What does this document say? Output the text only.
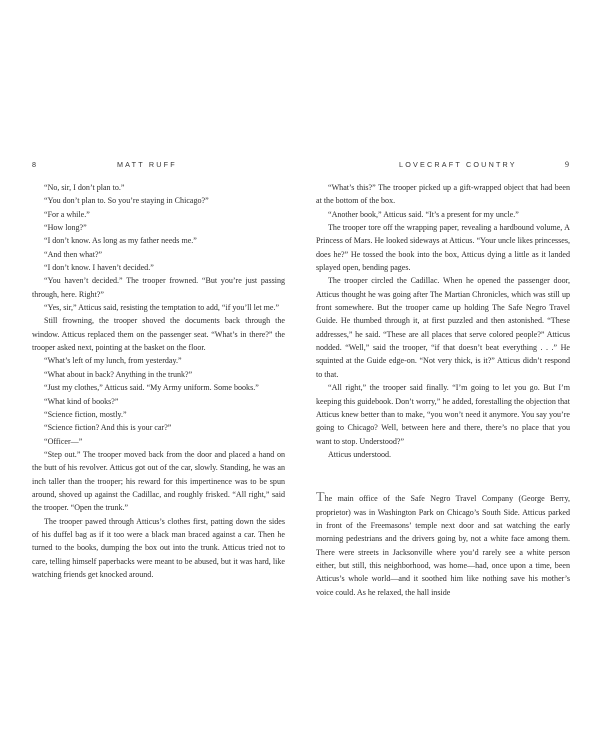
8	MATT RUFF

“No, sir, I don’t plan to.”

“You don’t plan to. So you’re staying in Chicago?”

“For a while.”

“How long?”

“I don’t know. As long as my father needs me.”

“And then what?”

“I don’t know. I haven’t decided.”

“You haven’t decided.” The trooper frowned. “But you’re just passing through, here. Right?”

“Yes, sir,” Atticus said, resisting the temptation to add, “if you’ll let me.”

Still frowning, the trooper shoved the documents back through the window. Atticus replaced them on the passenger seat. “What’s in there?” the trooper asked next, pointing at the basket on the floor.

“What’s left of my lunch, from yesterday.”

“What about in back? Anything in the trunk?”

“Just my clothes,” Atticus said. “My Army uniform. Some books.”

“What kind of books?”

“Science fiction, mostly.”

“Science fiction? And this is your car?”

“Officer—”

“Step out.” The trooper moved back from the door and placed a hand on the butt of his revolver. Atticus got out of the car, slowly. Standing, he was an inch taller than the trooper; his reward for this impertinence was to be spun around, shoved up against the Cadillac, and roughly frisked. “All right,” said the trooper. “Open the trunk.”

The trooper pawed through Atticus’s clothes first, patting down the sides of his duffel bag as if it too were a black man braced against a car. Then he turned to the books, dumping the box out into the trunk. Atticus tried not to care, telling himself paperbacks were meant to be abused, but it was hard, like watching friends get knocked around.

LOVECRAFT COUNTRY	9

“What’s this?” The trooper picked up a gift-wrapped object that had been at the bottom of the box.

“Another book,” Atticus said. “It’s a present for my uncle.”

The trooper tore off the wrapping paper, revealing a hardbound volume, A Princess of Mars. He looked sideways at Atticus. “Your uncle likes princesses, does he?” He tossed the book into the box, Atticus dying a little as it landed splayed open, bending pages.

The trooper circled the Cadillac. When he opened the passenger door, Atticus thought he was going after The Martian Chronicles, which was still up front somewhere. But the trooper came up holding The Safe Negro Travel Guide. He thumbed through it, at first puzzled and then astonished. “These addresses,” he said. “These are all places that serve colored people?” Atticus nodded. “Well,” said the trooper, “if that doesn’t beat everything . . .” He squinted at the Guide edge-on. “Not very thick, is it?” Atticus didn’t respond to that.

“All right,” the trooper said finally. “I’m going to let you go. But I’m keeping this guidebook. Don’t worry,” he added, forestalling the objection that Atticus knew better than to make, “you won’t need it anymore. You say you’re going to Chicago? Well, between here and there, there’s no place that you want to stop. Understood?”

Atticus understood.

The main office of the Safe Negro Travel Company (George Berry, proprietor) was in Washington Park on Chicago’s South Side. Atticus parked in front of the Freemasons’ temple next door and sat watching the early morning pedestrians and the drivers going by, not a white face among them. There were streets in Jacksonville where you’d rarely see a white person either, but still, this neighborhood, was home—had, once upon a time, been Atticus’s whole world—and it soothed him like nothing save his mother’s voice could. As he relaxed, the hall inside
